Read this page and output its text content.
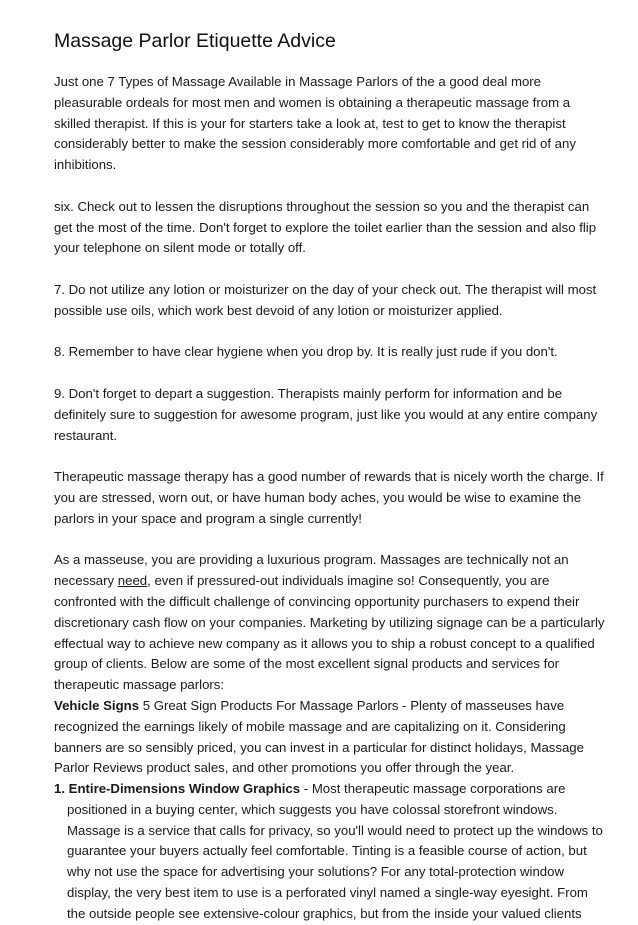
Massage Parlor Etiquette Advice

Just one 7 Types of Massage Available in Massage Parlors of the a good deal more pleasurable ordeals for most men and women is obtaining a therapeutic massage from a skilled therapist. If this is your for starters take a look at, test to get to know the therapist considerably better to make the session considerably more comfortable and get rid of any inhibitions.

six. Check out to lessen the disruptions throughout the session so you and the therapist can get the most of the time. Don't forget to explore the toilet earlier than the session and also flip your telephone on silent mode or totally off.

7. Do not utilize any lotion or moisturizer on the day of your check out. The therapist will most possible use oils, which work best devoid of any lotion or moisturizer applied.

8. Remember to have clear hygiene when you drop by. It is really just rude if you don't.

9. Don't forget to depart a suggestion. Therapists mainly perform for information and be definitely sure to suggestion for awesome program, just like you would at any entire company restaurant.

Therapeutic massage therapy has a good number of rewards that is nicely worth the charge. If you are stressed, worn out, or have human body aches, you would be wise to examine the parlors in your space and program a single currently!

As a masseuse, you are providing a luxurious program. Massages are technically not an necessary need, even if pressured-out individuals imagine so! Consequently, you are confronted with the difficult challenge of convincing opportunity purchasers to expend their discretionary cash flow on your companies. Marketing by utilizing signage can be a particularly effectual way to achieve new company as it allows you to ship a robust concept to a qualified group of clients. Below are some of the most excellent signal products and services for therapeutic massage parlors:

Vehicle Signs 5 Great Sign Products For Massage Parlors - Plenty of masseuses have recognized the earnings likely of mobile massage and are capitalizing on it. Considering banners are so sensibly priced, you can invest in a particular for distinct holidays, Massage Parlor Reviews product sales, and other promotions you offer through the year.

1. Entire-Dimensions Window Graphics - Most therapeutic massage corporations are positioned in a buying center, which suggests you have colossal storefront windows. Massage is a service that calls for privacy, so you'll would need to protect up the windows to guarantee your buyers actually feel comfortable. Tinting is a feasible course of action, but why not use the space for advertising your solutions? For any total-protection window display, the very best item to use is a perforated vinyl named a single-way eyesight. From the outside people see extensive-colour graphics, but from the inside your valued clients
